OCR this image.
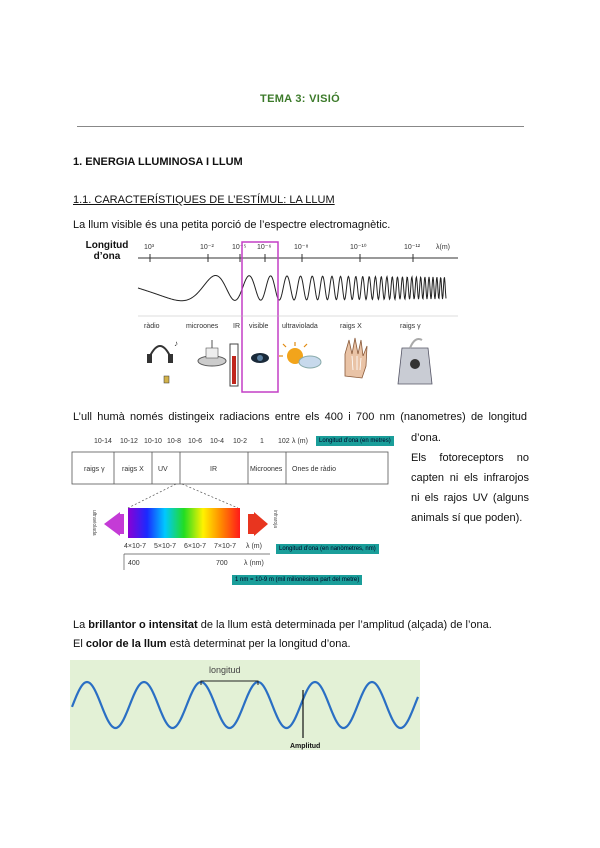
TEMA 3: VISIÓ
1. ENERGIA LLUMINOSA I LLUM
1.1. CARACTERÍSTIQUES DE L’ESTÍMUL: LA LLUM
La llum visible és una petita porció de l’espectre electromagnètic.
Longitud
d’ona
10³	10⁻²	10⁻⁵ 10⁻⁶	10⁻⁸	10⁻¹⁰	10⁻¹² λ(m)
ràdio	microones IR visible ultraviolada	raigs X	raigs γ
♪
L’ull humà només distingeix radiacions entre els 400 i 700 nm (nanometres) de longitud
d’ona.
Els fotoreceptors no
capten ni els infrarojos
ni els rajos UV (alguns
animals sí que poden).
10-14 10-12 10-10 10-8 10-6 10-4 10-2 1 102 λ (m)
raigs γ raigs X UV	IR	Microones Ones de ràdio
ultraviolada	infraroja
4×10-7 5×10-7 6×10-7 7×10-7 λ (m)
400	700 λ (nm)
Longitud d’ona (en metres)
Longitud d’ona (en nanòmetres, nm)
1 nm = 10-9 m (mil milionèsima part del metre)
La brillantor o intensitat de la llum està determinada per l’amplitud (alçada) de l’ona.
El color de la llum està determinat per la longitud d’ona.
longitud
Amplitud
